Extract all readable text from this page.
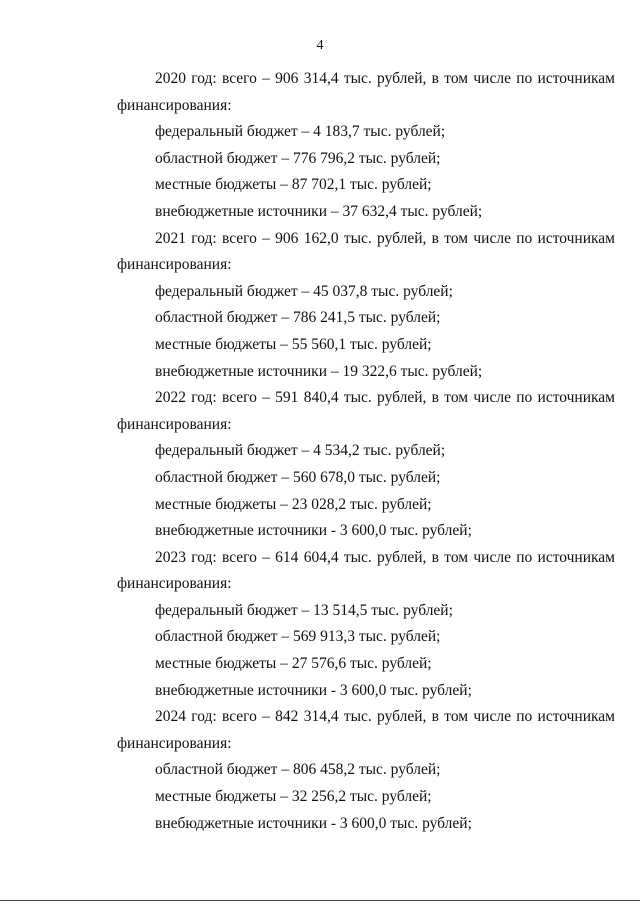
4
2020 год: всего – 906 314,4 тыс. рублей, в том числе по источникам
финансирования:
федеральный бюджет – 4 183,7 тыс. рублей;
областной бюджет – 776 796,2 тыс. рублей;
местные бюджеты – 87 702,1 тыс. рублей;
внебюджетные источники – 37 632,4 тыс. рублей;
2021 год: всего – 906 162,0 тыс. рублей, в том числе по источникам
финансирования:
федеральный бюджет – 45 037,8 тыс. рублей;
областной бюджет – 786 241,5 тыс. рублей;
местные бюджеты – 55 560,1 тыс. рублей;
внебюджетные источники – 19 322,6 тыс. рублей;
2022 год: всего – 591 840,4 тыс. рублей, в том числе по источникам
финансирования:
федеральный бюджет – 4 534,2 тыс. рублей;
областной бюджет – 560 678,0 тыс. рублей;
местные бюджеты – 23 028,2 тыс. рублей;
внебюджетные источники - 3 600,0 тыс. рублей;
2023 год: всего – 614 604,4 тыс. рублей, в том числе по источникам
финансирования:
федеральный бюджет – 13 514,5 тыс. рублей;
областной бюджет – 569 913,3 тыс. рублей;
местные бюджеты – 27 576,6 тыс. рублей;
внебюджетные источники - 3 600,0 тыс. рублей;
2024 год: всего – 842 314,4 тыс. рублей, в том числе по источникам
финансирования:
областной бюджет – 806 458,2 тыс. рублей;
местные бюджеты – 32 256,2 тыс. рублей;
внебюджетные источники - 3 600,0 тыс. рублей;
